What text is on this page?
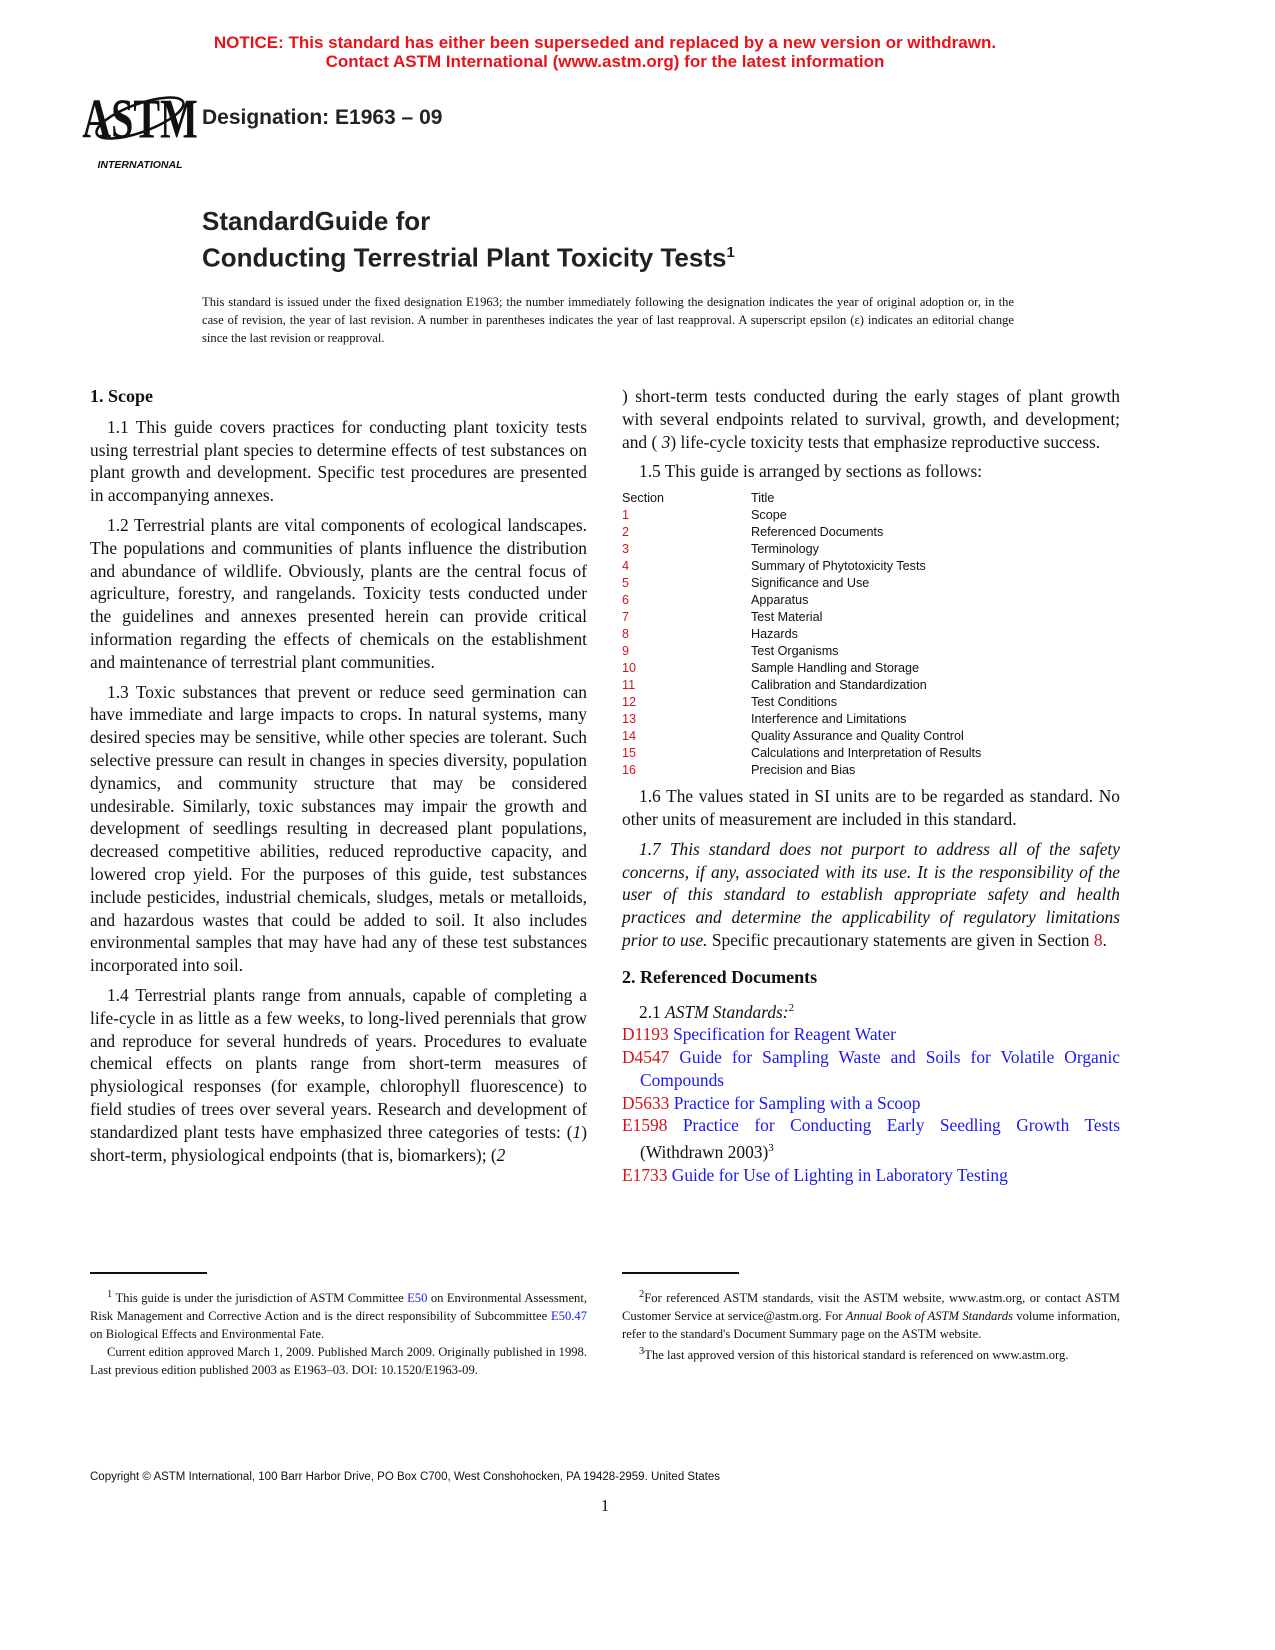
NOTICE: This standard has either been superseded and replaced by a new version or withdrawn.
Contact ASTM International (www.astm.org) for the latest information
ASTM
INTERNATIONAL
Designation: E1963 – 09
StandardGuide for
Conducting Terrestrial Plant Toxicity Tests$^1$
This standard is issued under the fixed designation E1963; the number immediately following the designation indicates the year of original adoption or, in the case of revision, the year of last revision. A number in parentheses indicates the year of last reapproval. A superscript epsilon (ε) indicates an editorial change since the last revision or reapproval.
1. Scope

1.1 This guide covers practices for conducting plant toxicity tests using terrestrial plant species to determine effects of test substances on plant growth and development. Specific test procedures are presented in accompanying annexes.

1.2 Terrestrial plants are vital components of ecological landscapes. The populations and communities of plants influence the distribution and abundance of wildlife. Obviously, plants are the central focus of agriculture, forestry, and rangelands. Toxicity tests conducted under the guidelines and annexes presented herein can provide critical information regarding the effects of chemicals on the establishment and maintenance of terrestrial plant communities.

1.3 Toxic substances that prevent or reduce seed germination can have immediate and large impacts to crops. In natural systems, many desired species may be sensitive, while other species are tolerant. Such selective pressure can result in changes in species diversity, population dynamics, and community structure that may be considered undesirable. Similarly, toxic substances may impair the growth and development of seedlings resulting in decreased plant populations, decreased competitive abilities, reduced reproductive capacity, and lowered crop yield. For the purposes of this guide, test substances include pesticides, industrial chemicals, sludges, metals or metalloids, and hazardous wastes that could be added to soil. It also includes environmental samples that may have had any of these test substances incorporated into soil.

1.4 Terrestrial plants range from annuals, capable of completing a life-cycle in as little as a few weeks, to long-lived perennials that grow and reproduce for several hundreds of years. Procedures to evaluate chemical effects on plants range from short-term measures of physiological responses (for example, chlorophyll fluorescence) to field studies of trees over several years. Research and development of standardized plant tests have emphasized three categories of tests: (1) short-term, physiological endpoints (that is, biomarkers); (2

) short-term tests conducted during the early stages of plant growth with several endpoints related to survival, growth, and development; and ( 3) life-cycle toxicity tests that emphasize reproductive success.

1.5 This guide is arranged by sections as follows:

Section	Title
1	Scope
2	Referenced Documents
3	Terminology
4	Summary of Phytotoxicity Tests
5	Significance and Use
6	Apparatus
7	Test Material
8	Hazards
9	Test Organisms
10	Sample Handling and Storage
11	Calibration and Standardization
12	Test Conditions
13	Interference and Limitations
14	Quality Assurance and Quality Control
15	Calculations and Interpretation of Results
16	Precision and Bias

1.6 The values stated in SI units are to be regarded as standard. No other units of measurement are included in this standard.

1.7 This standard does not purport to address all of the safety concerns, if any, associated with its use. It is the responsibility of the user of this standard to establish appropriate safety and health practices and determine the applicability of regulatory limitations prior to use. Specific precautionary statements are given in Section 8.

2. Referenced Documents

2.1 ASTM Standards:$^2$

D1193 Specification for Reagent Water
D4547 Guide for Sampling Waste and Soils for Volatile Organic Compounds
D5633 Practice for Sampling with a Scoop
E1598 Practice for Conducting Early Seedling Growth Tests (Withdrawn 2003)$^3$
E1733 Guide for Use of Lighting in Laboratory Testing

$^1$ This guide is under the jurisdiction of ASTM Committee E50 on Environmental Assessment, Risk Management and Corrective Action and is the direct responsibility of Subcommittee E50.47 on Biological Effects and Environmental Fate.

Current edition approved March 1, 2009. Published March 2009. Originally published in 1998. Last previous edition published 2003 as E1963–03. DOI: 10.1520/E1963-09.

$^2$For referenced ASTM standards, visit the ASTM website, www.astm.org, or contact ASTM Customer Service at service@astm.org. For Annual Book of ASTM Standards volume information, refer to the standard's Document Summary page on the ASTM website.

$^3$The last approved version of this historical standard is referenced on www.astm.org.

Copyright © ASTM International, 100 Barr Harbor Drive, PO Box C700, West Conshohocken, PA 19428-2959. United States
1
